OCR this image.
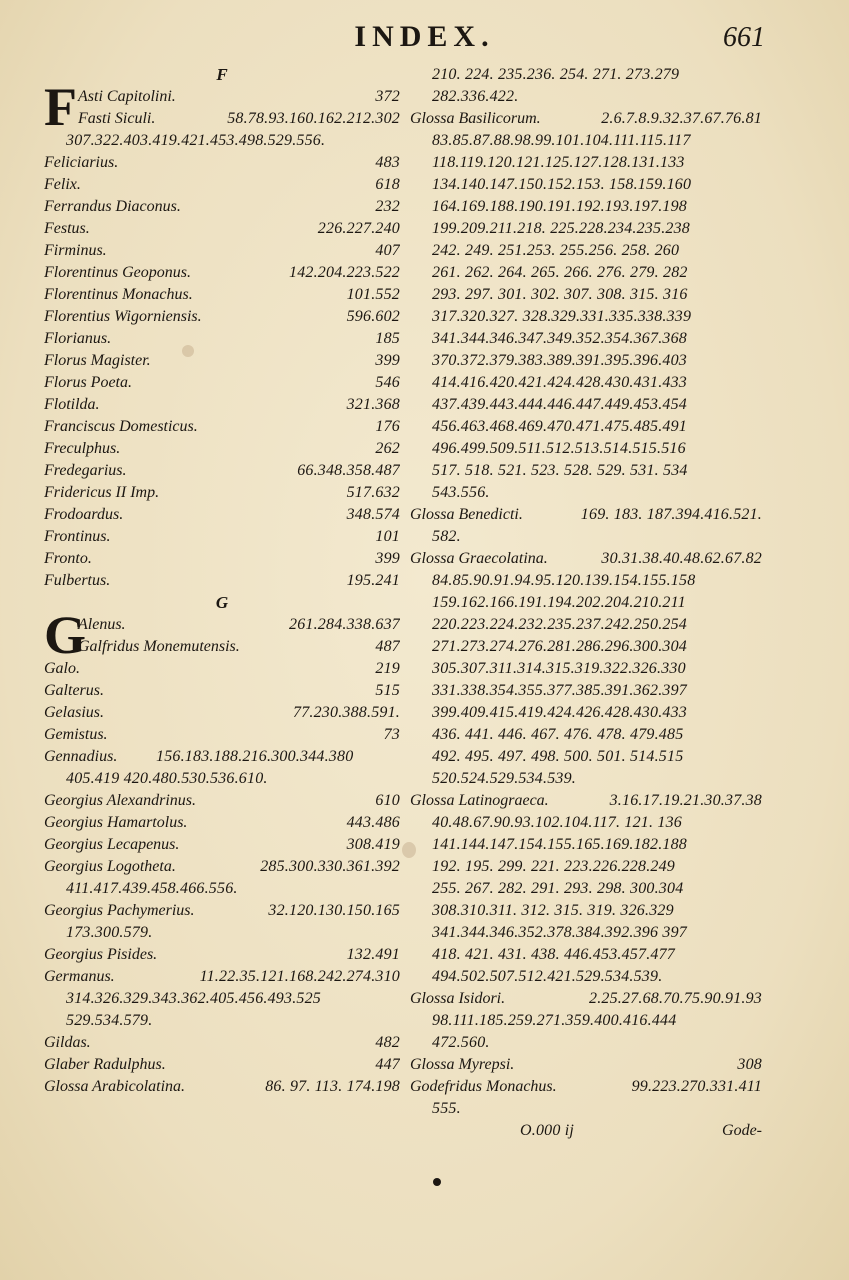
INDEX.	661
F
F Asti Capitolini.	372
Fasti Siculi.	58.78.93.160.162.212.302
307.322.403.419.421.453.498.529.556.
Feliciarius.	483
Felix.	618
Ferrandus Diaconus.	232
Festus.	226.227.240
Firminus.	407
Florentinus Geoponus.	142.204.223.522
Florentinus Monachus.	101.552
Florentius Wigorniensis.	596.602
Florianus.	185
Florus Magister.	399
Florus Poeta.	546
Flotilda.	321.368
Franciscus Domesticus.	176
Freculphus.	262
Fredegarius.	66.348.358.487
Fridericus II Imp.	517.632
Frodoardus.	348.574
Frontinus.	101
Fronto.	399
Fulbertus.	195.241
G
G
Alenus.	261.284.338.637
Galfridus Monemutensis.	487
Galo.	219
Galterus.	515
Gelasius.	77.230.388.591.
Gemistus.	73
Gennadius. 156.183.188.216.300.344.380
405.419 420.480.530.536.610.
Georgius Alexandrinus.	610
Georgius Hamartolus.	443.486
Georgius Lecapenus.	308.419
Georgius Logotheta.	285.300.330.361.392
411.417.439.458.466.556.
Georgius Pachymerius.	32.120.130.150.165
173.300.579.
Georgius Pisides.	132.491
Germanus.	11.22.35.121.168.242.274.310
314.326.329.343.362.405.456.493.525
529.534.579.
Gildas.	482
Glaber Radulphus.	447
Glossa Arabicolatina.	86. 97. 113. 174.198
210. 224. 235.236. 254. 271. 273.279
282.336.422.
Glossa Basilicorum.	2.6.7.8.9.32.37.67.76.81
83.85.87.88.98.99.101.104.111.115.117
118.119.120.121.125.127.128.131.133
134.140.147.150.152.153. 158.159.160
164.169.188.190.191.192.193.197.198
199.209.211.218. 225.228.234.235.238
242. 249. 251.253. 255.256. 258. 260
261. 262. 264. 265. 266. 276. 279. 282
293. 297. 301. 302. 307. 308. 315. 316
317.320.327. 328.329.331.335.338.339
341.344.346.347.349.352.354.367.368
370.372.379.383.389.391.395.396.403
414.416.420.421.424.428.430.431.433
437.439.443.444.446.447.449.453.454
456.463.468.469.470.471.475.485.491
496.499.509.511.512.513.514.515.516
517. 518. 521. 523. 528. 529. 531. 534
543.556.
Glossa Benedicti.	169. 183. 187.394.416.521.
582.
Glossa Graecolatina.	30.31.38.40.48.62.67.82
84.85.90.91.94.95.120.139.154.155.158
159.162.166.191.194.202.204.210.211
220.223.224.232.235.237.242.250.254
271.273.274.276.281.286.296.300.304
305.307.311.314.315.319.322.326.330
331.338.354.355.377.385.391.362.397
399.409.415.419.424.426.428.430.433
436. 441. 446. 467. 476. 478. 479.485
492. 495. 497. 498. 500. 501. 514.515
520.524.529.534.539.
Glossa Latinograeca.	3.16.17.19.21.30.37.38
40.48.67.90.93.102.104.117. 121. 136
141.144.147.154.155.165.169.182.188
192. 195. 299. 221. 223.226.228.249
255. 267. 282. 291. 293. 298. 300.304
308.310.311. 312. 315. 319. 326.329
341.344.346.352.378.384.392.396 397
418. 421. 431. 438. 446.453.457.477
494.502.507.512.421.529.534.539.
Glossa Isidori.	2.25.27.68.70.75.90.91.93
98.111.185.259.271.359.400.416.444
472.560.
Glossa Myrepsi.	308
Godefridus Monachus.	99.223.270.331.411
555.
O.000 ij	Gode-
